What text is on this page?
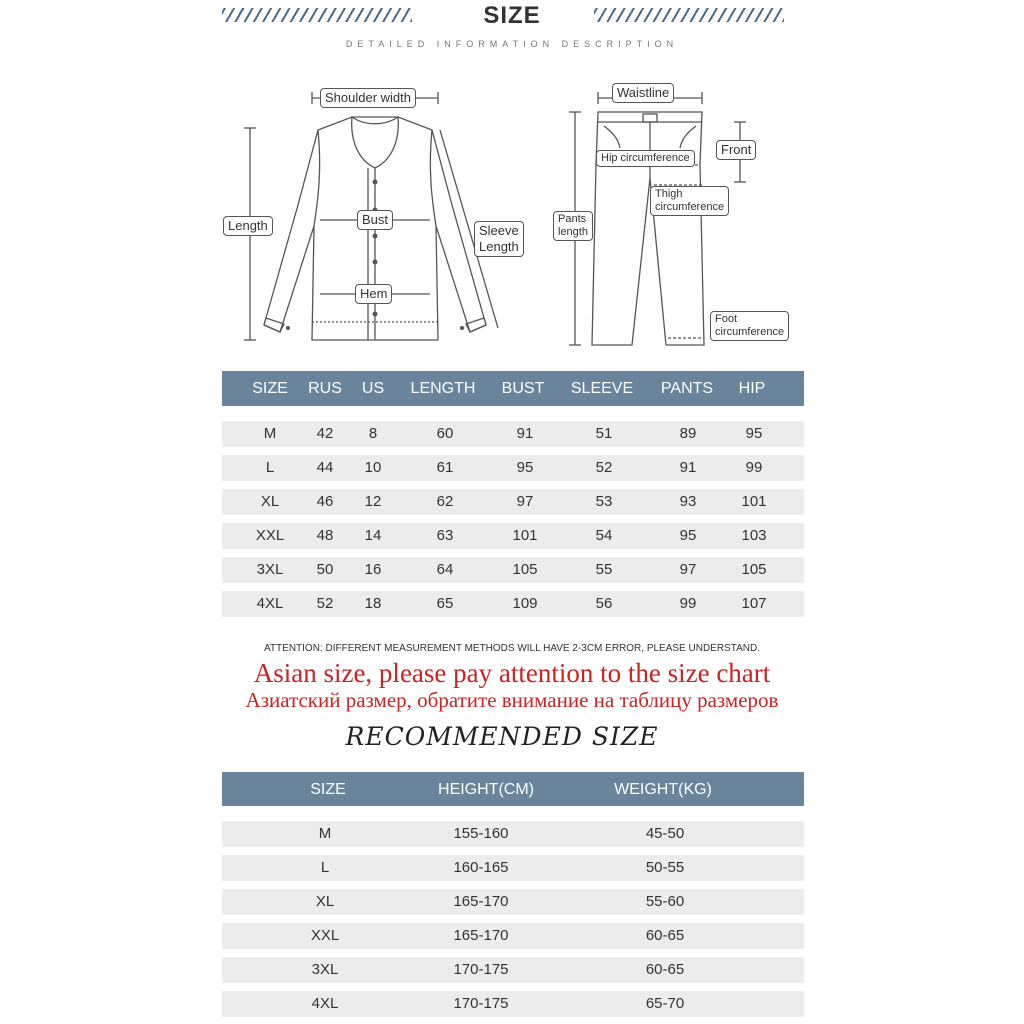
SIZE
DETAILED INFORMATION DESCRIPTION
Shoulder width
Length	Bust
Sleeve
Length
Hem
Waistline
Hip circumference
Front
Thigh
circumference
Pants
length
Foot
circumference
SIZE RUS US LENGTH BUST SLEEVE PANTS HIP
M	42 8	60	91	51	89	95
L	44 10	61	95	52	91	99
XL 46 12	62	97	53	93	101
XXL 48 14	63	101	54	95	103
3XL 50 16	64	105	55	97	105
4XL 52 18	65	109	56	99	107
ATTENTION: DIFFERENT MEASUREMENT METHODS WILL HAVE 2-3CM ERROR, PLEASE UNDERSTAND.
Asian size, please pay attention to the size chart
Азиатский размер, обратите внимание на таблицу размеров
RECOMMENDED SIZE
SIZE	HEIGHT(CM)	WEIGHT(KG)
M	155-160	45-50
L	160-165	50-55
XL	165-170	55-60
XXL	165-170	60-65
3XL	170-175	60-65
4XL	170-175	65-70
